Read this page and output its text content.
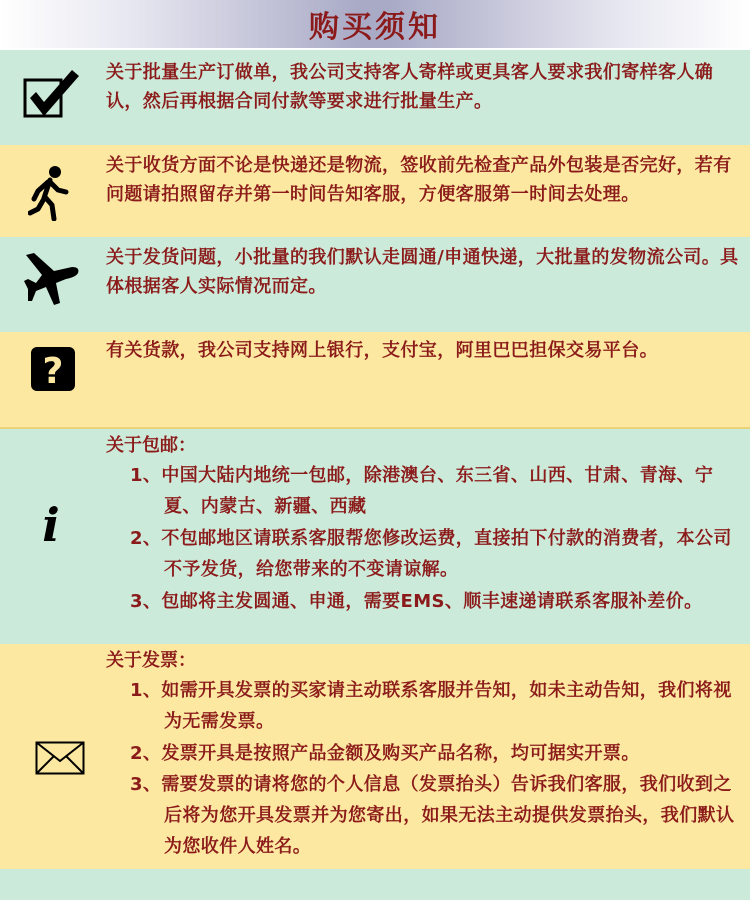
购买须知
关于批量生产订做单，我公司支持客人寄样或更具客人要求我们寄样客人确认，然后再根据合同付款等要求进行批量生产。
关于收货方面不论是快递还是物流，签收前先检查产品外包装是否完好，若有问题请拍照留存并第一时间告知客服，方便客服第一时间去处理。
关于发货问题，小批量的我们默认走圆通/申通快递，大批量的发物流公司。具体根据客人实际情况而定。
?
有关货款，我公司支持网上银行，支付宝，阿里巴巴担保交易平台。
i
关于包邮：
1、中国大陆内地统一包邮，除港澳台、东三省、山西、甘肃、青海、宁夏、内蒙古、新疆、西藏
2、不包邮地区请联系客服帮您修改运费，直接拍下付款的消费者，本公司不予发货，给您带来的不变请谅解。
3、包邮将主发圆通、申通，需要EMS、顺丰速递请联系客服补差价。
关于发票：
1、如需开具发票的买家请主动联系客服并告知，如未主动告知，我们将视为无需发票。
2、发票开具是按照产品金额及购买产品名称，均可据实开票。
3、需要发票的请将您的个人信息（发票抬头）告诉我们客服，我们收到之后将为您开具发票并为您寄出，如果无法主动提供发票抬头，我们默认为您收件人姓名。
